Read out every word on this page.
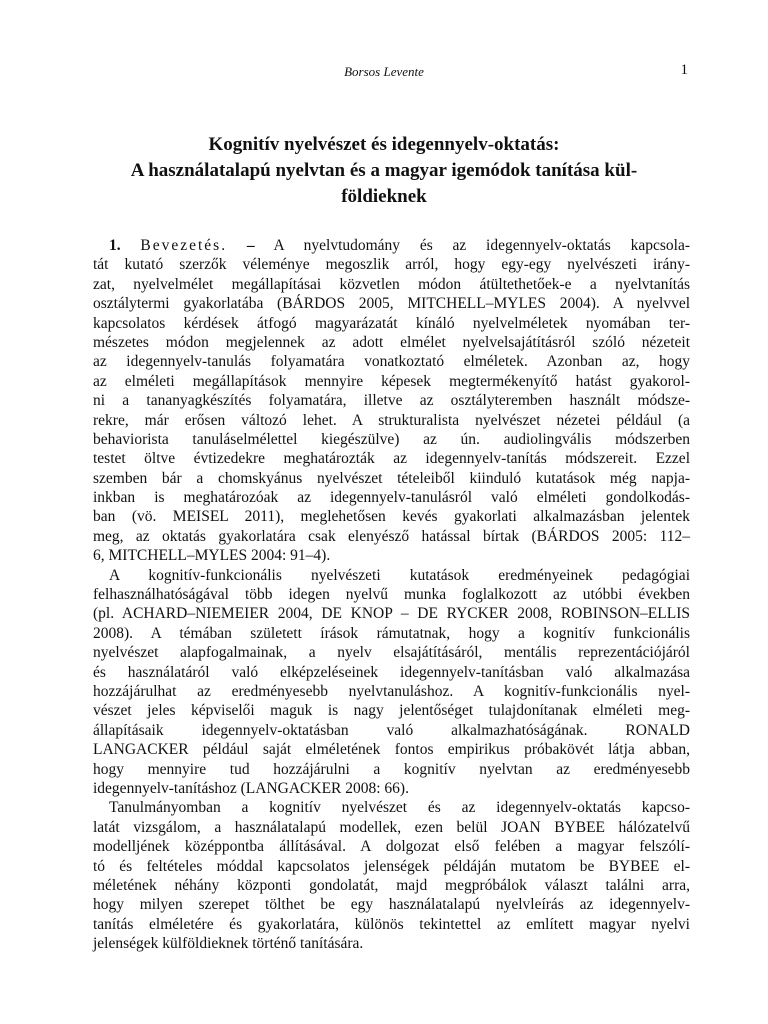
Borsos Levente	1
Kognitív nyelvészet és idegennyelv-oktatás:
A használatalapú nyelvtan és a magyar igemódok tanítása kül-
földieknek
1. Bevezetés. – A nyelvtudomány és az idegennyelv-oktatás kapcsola-
tát kutató szerzők véleménye megoszlik arról, hogy egy-egy nyelvészeti irány-
zat, nyelvelmélet megállapításai közvetlen módon átültethetőek-e a nyelvtanítás
osztálytermi gyakorlatába (BÁRDOS 2005, MITCHELL–MYLES 2004). A nyelvvel
kapcsolatos kérdések átfogó magyarázatát kínáló nyelvelméletek nyomában ter-
mészetes módon megjelennek az adott elmélet nyelvelsajátításról szóló nézeteit
az idegennyelv-tanulás folyamatára vonatkoztató elméletek. Azonban az, hogy
az elméleti megállapítások mennyire képesek megtermékenyítő hatást gyakorol-
ni a tananyagkészítés folyamatára, illetve az osztályteremben használt módsze-
rekre, már erősen változó lehet. A strukturalista nyelvészet nézetei például (a
behaviorista tanuláselmélettel kiegészülve) az ún. audiolingvális módszerben
testet öltve évtizedekre meghatározták az idegennyelv-tanítás módszereit. Ezzel
szemben bár a chomskyánus nyelvészet tételeiből kiinduló kutatások még napja-
inkban is meghatározóak az idegennyelv-tanulásról való elméleti gondolkodás-
ban (vö. MEISEL 2011), meglehetősen kevés gyakorlati alkalmazásban jelentek
meg, az oktatás gyakorlatára csak elenyésző hatással bírtak (BÁRDOS 2005: 112–
6, MITCHELL–MYLES 2004: 91–4).
A kognitív-funkcionális nyelvészeti kutatások eredményeinek pedagógiai
felhasználhatóságával több idegen nyelvű munka foglalkozott az utóbbi években
(pl. ACHARD–NIEMEIER 2004, DE KNOP – DE RYCKER 2008, ROBINSON–ELLIS
2008). A témában született írások rámutatnak, hogy a kognitív funkcionális
nyelvészet alapfogalmainak, a nyelv elsajátításáról, mentális reprezentációjáról
és használatáról való elképzeléseinek idegennyelv-tanításban való alkalmazása
hozzájárulhat az eredményesebb nyelvtanuláshoz. A kognitív-funkcionális nyel-
vészet jeles képviselői maguk is nagy jelentőséget tulajdonítanak elméleti meg-
állapításaik idegennyelv-oktatásban való alkalmazhatóságának. RONALD
LANGACKER például saját elméletének fontos empirikus próbakövét látja abban,
hogy mennyire tud hozzájárulni a kognitív nyelvtan az eredményesebb
idegennyelv-tanításhoz (LANGACKER 2008: 66).
Tanulmányomban a kognitív nyelvészet és az idegennyelv-oktatás kapcso-
latát vizsgálom, a használatalapú modellek, ezen belül JOAN BYBEE hálózatelvű
modelljének középpontba állításával. A dolgozat első felében a magyar felszólí-
tó és feltételes móddal kapcsolatos jelenségek példáján mutatom be BYBEE el-
méletének néhány központi gondolatát, majd megpróbálok választ találni arra,
hogy milyen szerepet tölthet be egy használatalapú nyelvleírás az idegennyelv-
tanítás elméletére és gyakorlatára, különös tekintettel az említett magyar nyelvi
jelenségek külföldieknek történő tanítására.
